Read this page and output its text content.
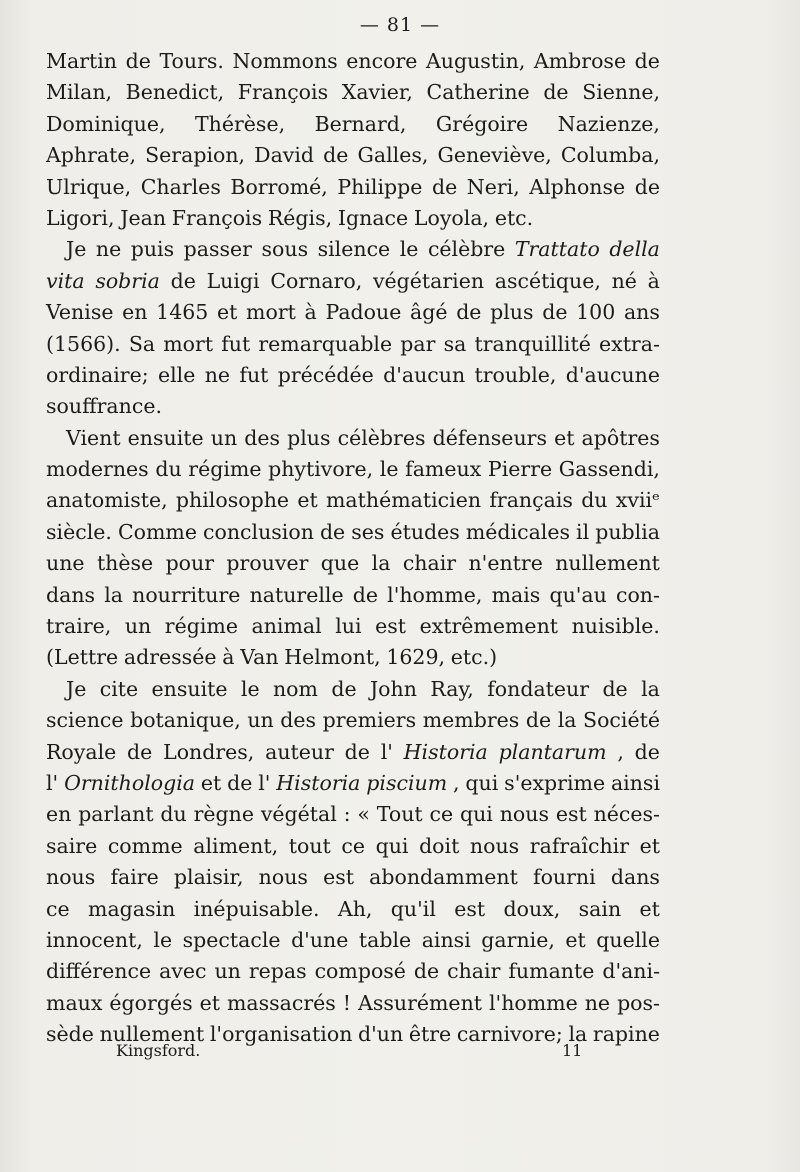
— 81 —
Martin de Tours. Nommons encore Augustin, Ambrose de
Milan, Benedict, François Xavier, Catherine de Sienne,
Dominique, Thérèse, Bernard, Grégoire Nazienze,
Aphrate, Serapion, David de Galles, Geneviève, Columba,
Ulrique, Charles Borromé, Philippe de Neri, Alphonse de
Ligori, Jean François Régis, Ignace Loyola, etc.
Je ne puis passer sous silence le célèbre Trattato della
vita sobria de Luigi Cornaro, végétarien ascétique, né à
Venise en 1465 et mort à Padoue âgé de plus de 100 ans
(1566). Sa mort fut remarquable par sa tranquillité extra-
ordinaire; elle ne fut précédée d'aucun trouble, d'aucune
souffrance.
Vient ensuite un des plus célèbres défenseurs et apôtres
modernes du régime phytivore, le fameux Pierre Gassendi,
anatomiste, philosophe et mathématicien français du xviiᵉ
siècle. Comme conclusion de ses études médicales il publia
une thèse pour prouver que la chair n'entre nullement
dans la nourriture naturelle de l'homme, mais qu'au con-
traire, un régime animal lui est extrêmement nuisible.
(Lettre adressée à Van Helmont, 1629, etc.)
Je cite ensuite le nom de John Ray, fondateur de la
science botanique, un des premiers membres de la Société
Royale de Londres, auteur de l' Historia plantarum , de
l' Ornithologia et de l' Historia piscium , qui s'exprime ainsi
en parlant du règne végétal : « Tout ce qui nous est néces-
saire comme aliment, tout ce qui doit nous rafraîchir et
nous faire plaisir, nous est abondamment fourni dans
ce magasin inépuisable. Ah, qu'il est doux, sain et
innocent, le spectacle d'une table ainsi garnie, et quelle
différence avec un repas composé de chair fumante d'ani-
maux égorgés et massacrés ! Assurément l'homme ne pos-
sède nullement l'organisation d'un être carnivore; la rapine
Kingsford.	11
